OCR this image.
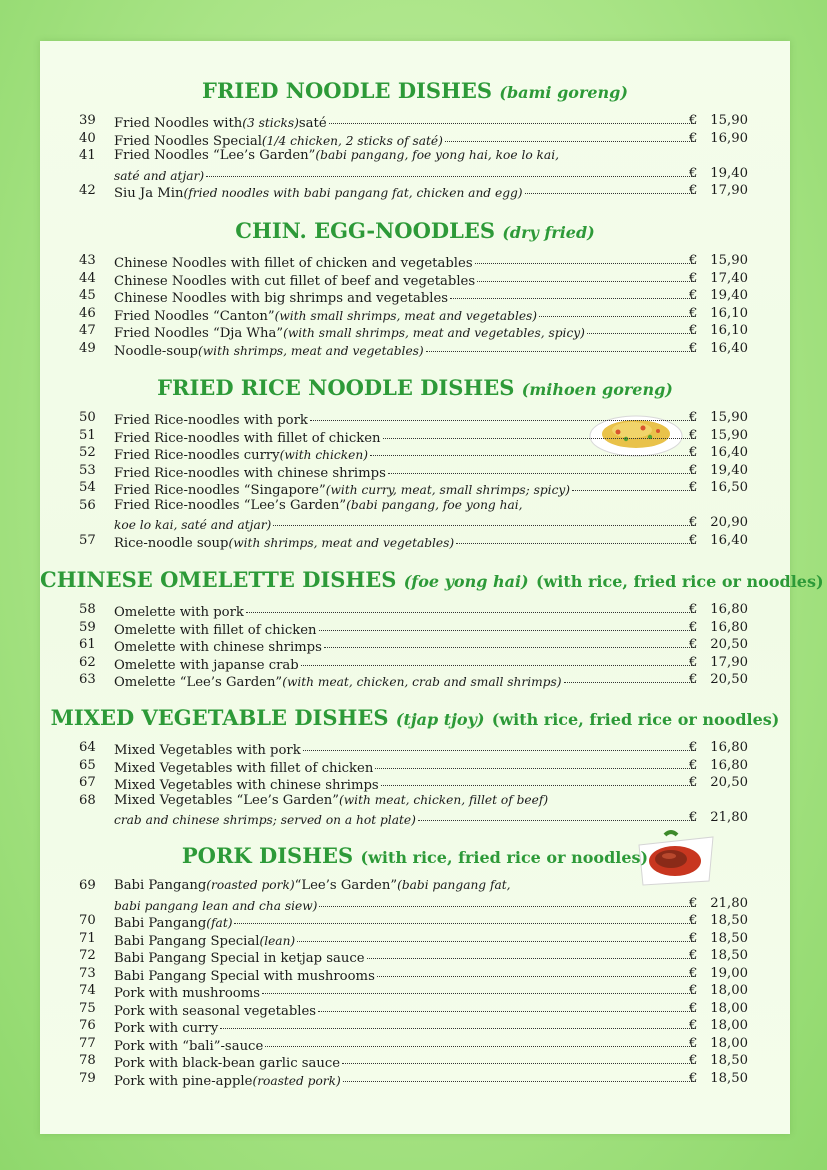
FRIED NOODLE DISHES (bami goreng)
39 Fried Noodles with (3 sticks) saté	€ 15,90
40 Fried Noodles Special (1/4 chicken, 2 sticks of saté)	€ 16,90
41 Fried Noodles “Lee’s Garden” (babi pangang, foe yong hai, koe lo kai,
saté and atjar)	€ 19,40
42 Siu Ja Min (fried noodles with babi pangang fat, chicken and egg)	€ 17,90
CHIN. EGG-NOODLES (dry fried)
43 Chinese Noodles with fillet of chicken and vegetables	€ 15,90
44 Chinese Noodles with cut fillet of beef and vegetables	€ 17,40
45 Chinese Noodles with big shrimps and vegetables	€ 19,40
46 Fried Noodles “Canton” (with small shrimps, meat and vegetables)	€ 16,10
47 Fried Noodles “Dja Wha” (with small shrimps, meat and vegetables, spicy)	€ 16,10
49 Noodle-soup (with shrimps, meat and vegetables)	€ 16,40
FRIED RICE NOODLE DISHES (mihoen goreng)
50 Fried Rice-noodles with pork	€ 15,90
51 Fried Rice-noodles with fillet of chicken	€ 15,90
52 Fried Rice-noodles curry (with chicken)	€ 16,40
53 Fried Rice-noodles with chinese shrimps	€ 19,40
54 Fried Rice-noodles “Singapore” (with curry, meat, small shrimps; spicy)	€ 16,50
56 Fried Rice-noodles “Lee’s Garden” (babi pangang, foe yong hai,
koe lo kai, saté and atjar)	€ 20,90
57 Rice-noodle soup (with shrimps, meat and vegetables)	€ 16,40
CHINESE OMELETTE DISHES (foe yong hai) (with rice, fried rice or noodles)
58 Omelette with pork	€ 16,80
59 Omelette with fillet of chicken	€ 16,80
61 Omelette with chinese shrimps	€ 20,50
62 Omelette with japanse crab	€ 17,90
63 Omelette “Lee’s Garden” (with meat, chicken, crab and small shrimps)	€ 20,50
MIXED VEGETABLE DISHES (tjap tjoy) (with rice, fried rice or noodles)
64 Mixed Vegetables with pork	€ 16,80
65 Mixed Vegetables with fillet of chicken	€ 16,80
67 Mixed Vegetables with chinese shrimps	€ 20,50
68 Mixed Vegetables “Lee’s Garden” (with meat, chicken, fillet of beef)
crab and chinese shrimps; served on a hot plate)	€ 21,80
PORK DISHES (with rice, fried rice or noodles)
69 Babi Pangang (roasted pork) “Lee’s Garden” (babi pangang fat,
babi pangang lean and cha siew)	€ 21,80
70 Babi Pangang (fat)	€ 18,50
71 Babi Pangang Special (lean)	€ 18,50
72 Babi Pangang Special in ketjap sauce	€ 18,50
73 Babi Pangang Special with mushrooms	€ 19,00
74 Pork with mushrooms	€ 18,00
75 Pork with seasonal vegetables	€ 18,00
76 Pork with curry	€ 18,00
77 Pork with “bali”-sauce	€ 18,00
78 Pork with black-bean garlic sauce	€ 18,50
79 Pork with pine-apple (roasted pork)	€ 18,50
